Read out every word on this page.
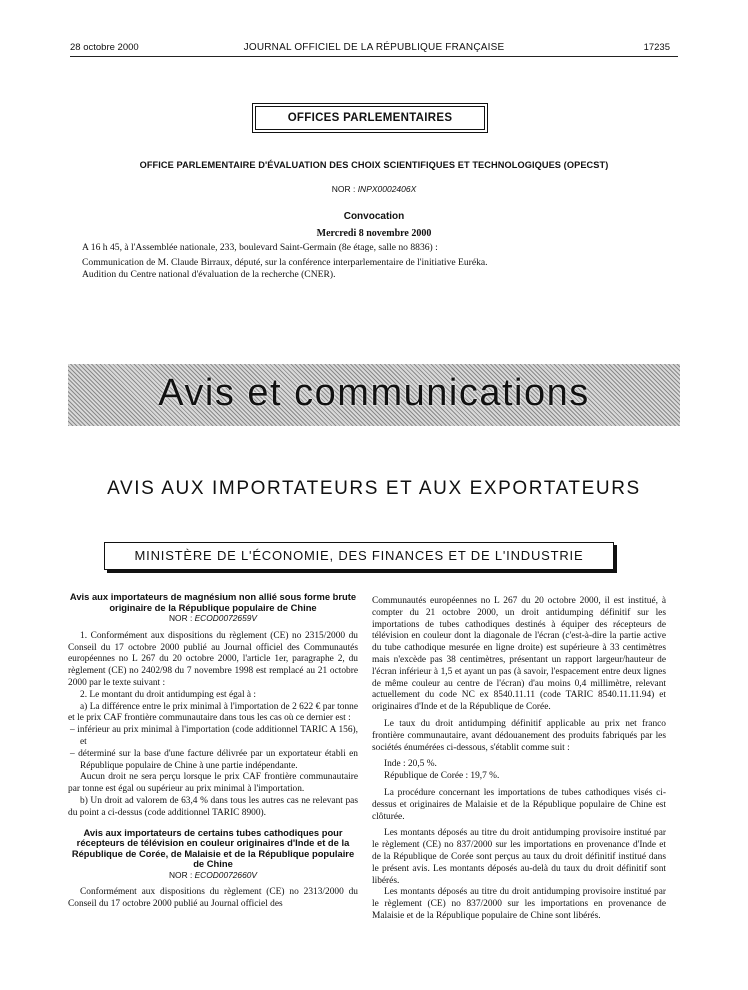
28 octobre 2000	JOURNAL OFFICIEL DE LA RÉPUBLIQUE FRANÇAISE	17235
OFFICES PARLEMENTAIRES
OFFICE PARLEMENTAIRE D'ÉVALUATION DES CHOIX SCIENTIFIQUES ET TECHNOLOGIQUES (OPECST)
NOR : INPX0002406X
Convocation
Mercredi 8 novembre 2000
A 16 h 45, à l'Assemblée nationale, 233, boulevard Saint-Germain (8e étage, salle no 8836) :
Communication de M. Claude Birraux, député, sur la conférence interparlementaire de l'initiative Euréka.
Audition du Centre national d'évaluation de la recherche (CNER).
Avis et communications
AVIS AUX IMPORTATEURS ET AUX EXPORTATEURS
MINISTÈRE DE L'ÉCONOMIE, DES FINANCES ET DE L'INDUSTRIE

Avis aux importateurs de magnésium non allié sous forme brute originaire de la République populaire de Chine

NOR : ECOD0072659V

1. Conformément aux dispositions du règlement (CE) no 2315/2000 du Conseil du 17 octobre 2000 publié au Journal officiel des Communautés européennes no L 267 du 20 octobre 2000, l'article 1er, paragraphe 2, du règlement (CE) no 2402/98 du 7 novembre 1998 est remplacé au 21 octobre 2000 par le texte suivant :

2. Le montant du droit antidumping est égal à :

a) La différence entre le prix minimal à l'importation de 2 622 € par tonne et le prix CAF frontière communautaire dans tous les cas où ce dernier est :

– inférieur au prix minimal à l'importation (code additionnel TARIC A 156), et

– déterminé sur la base d'une facture délivrée par un exportateur établi en République populaire de Chine à une partie indépendante.

Aucun droit ne sera perçu lorsque le prix CAF frontière communautaire par tonne est égal ou supérieur au prix minimal à l'importation.

b) Un droit ad valorem de 63,4 % dans tous les autres cas ne relevant pas du point a ci-dessus (code additionnel TARIC 8900).

Avis aux importateurs de certains tubes cathodiques pour récepteurs de télévision en couleur originaires d'Inde et de la République de Corée, de Malaisie et de la République populaire de Chine

NOR : ECOD0072660V

Conformément aux dispositions du règlement (CE) no 2313/2000 du Conseil du 17 octobre 2000 publié au Journal officiel des

Communautés européennes no L 267 du 20 octobre 2000, il est institué, à compter du 21 octobre 2000, un droit antidumping définitif sur les importations de tubes cathodiques destinés à équiper des récepteurs de télévision en couleur dont la diagonale de l'écran (c'est-à-dire la partie active du tube cathodique mesurée en ligne droite) est supérieure à 33 centimètres mais n'excède pas 38 centimètres, présentant un rapport largeur/hauteur de l'écran inférieur à 1,5 et ayant un pas (à savoir, l'espacement entre deux lignes de même couleur au centre de l'écran) d'au moins 0,4 millimètre, relevant actuellement du code NC ex 8540.11.11 (code TARIC 8540.11.11.94) et originaires d'Inde et de la République de Corée.

Le taux du droit antidumping définitif applicable au prix net franco frontière communautaire, avant dédouanement des produits fabriqués par les sociétés énumérées ci-dessous, s'établit comme suit :

Inde : 20,5 %.

République de Corée : 19,7 %.

La procédure concernant les importations de tubes cathodiques visés ci-dessus et originaires de Malaisie et de la République populaire de Chine est clôturée.

Les montants déposés au titre du droit antidumping provisoire institué par le règlement (CE) no 837/2000 sur les importations en provenance d'Inde et de la République de Corée sont perçus au taux du droit définitif institué dans le présent avis. Les montants déposés au-delà du taux du droit définitif sont libérés.

Les montants déposés au titre du droit antidumping provisoire institué par le règlement (CE) no 837/2000 sur les importations en provenance de Malaisie et de la République populaire de Chine sont libérés.
